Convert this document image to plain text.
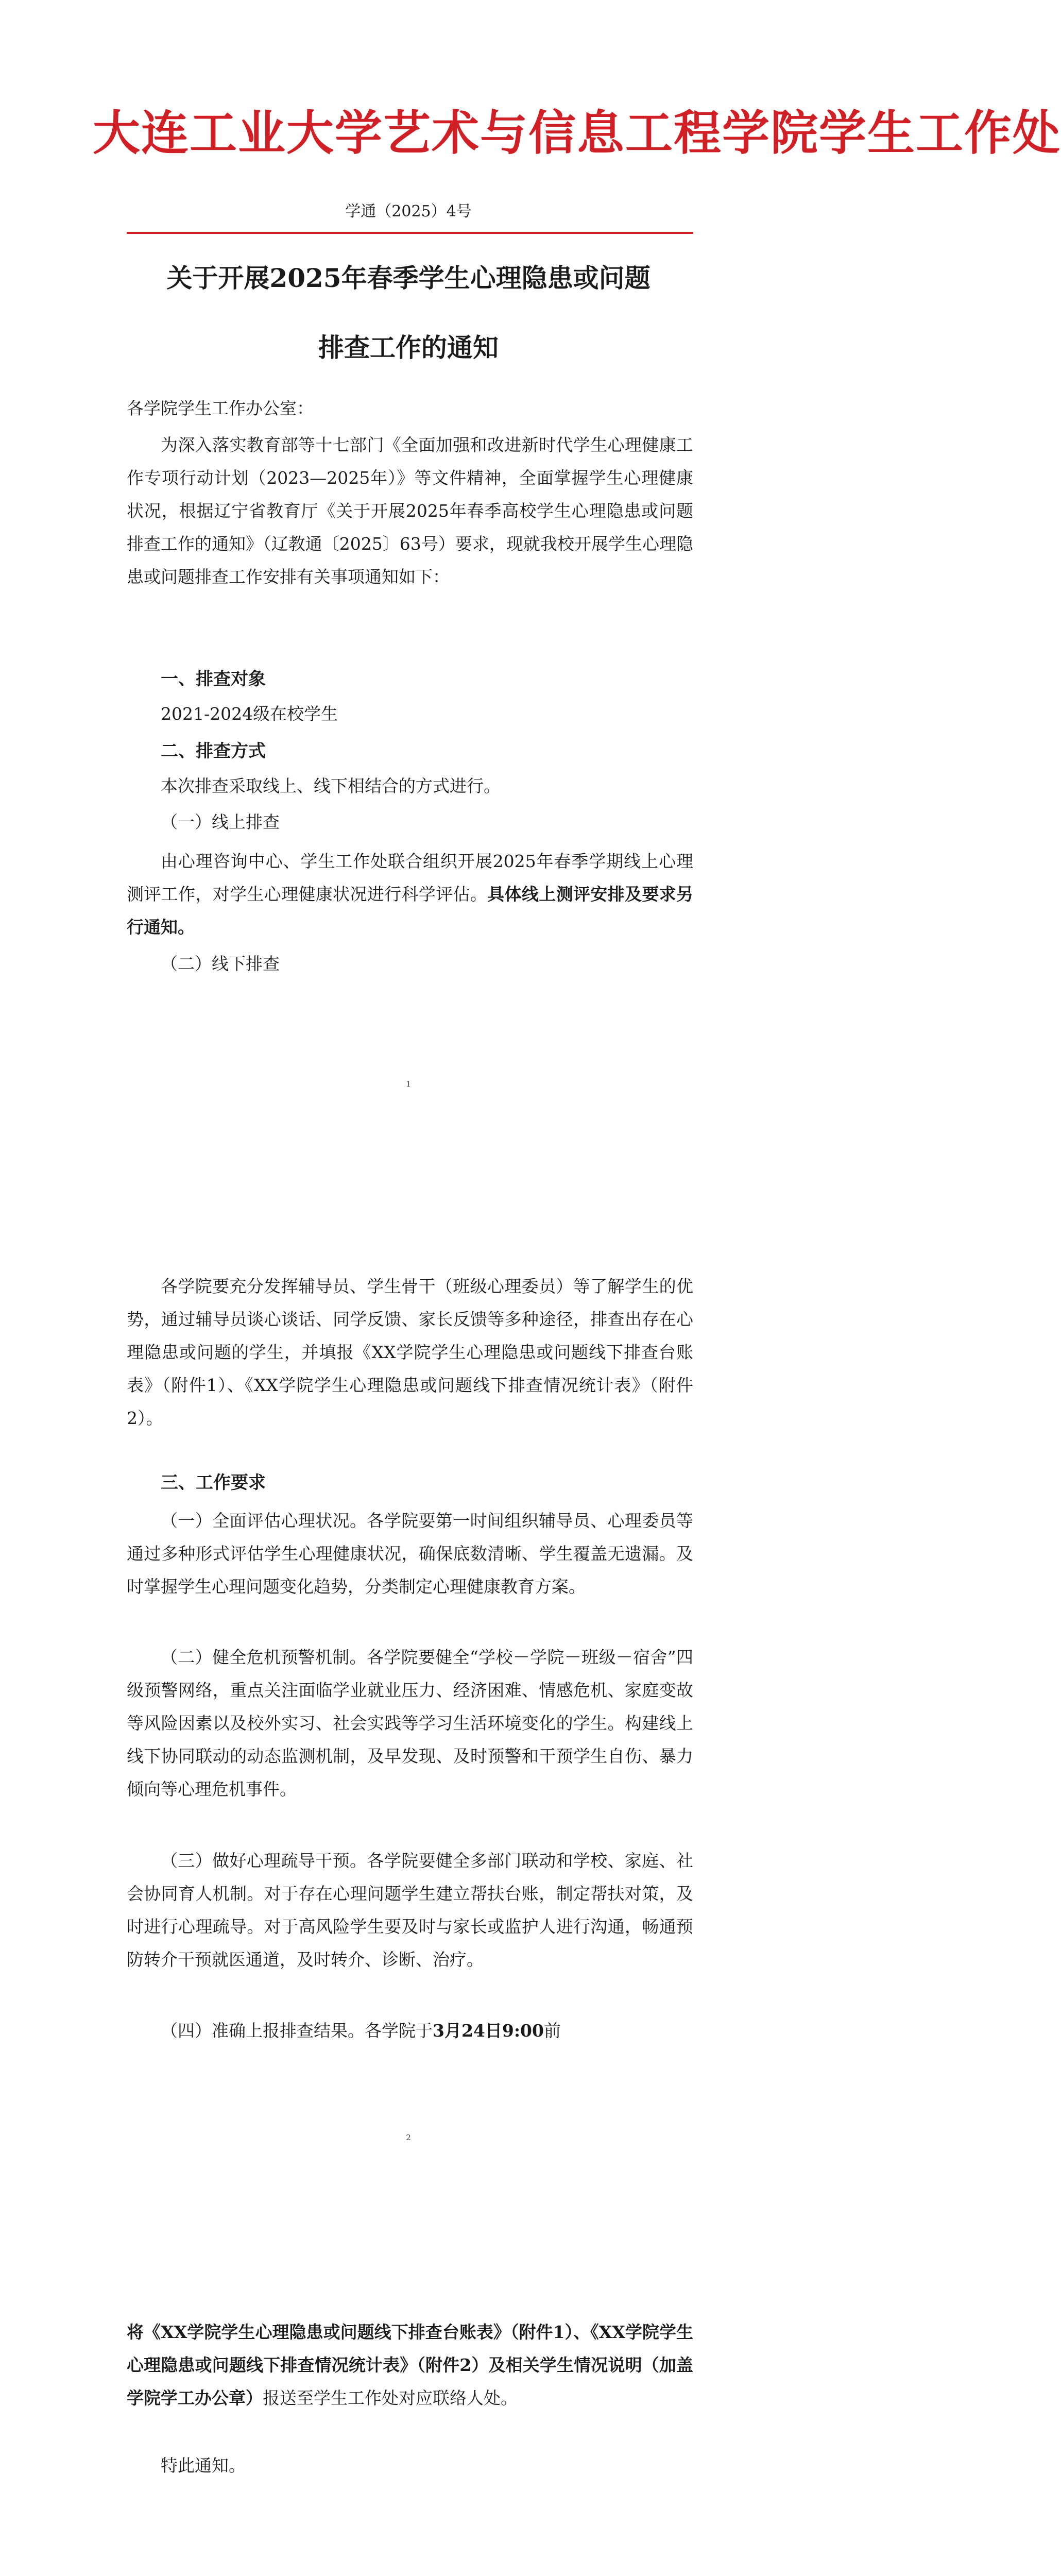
大连工业大学艺术与信息工程学院学生工作处
学通（2025）4号
关于开展2025年春季学生心理隐患或问题
排查工作的通知

各学院学生工作办公室：

为深入落实教育部等十七部门《全面加强和改进新时代学生心理健康工作专项行动计划（2023—2025年）》等文件精神，全面掌握学生心理健康状况，根据辽宁省教育厅《关于开展2025年春季高校学生心理隐患或问题排查工作的通知》（辽教通〔2025〕63号）要求，现就我校开展学生心理隐患或问题排查工作安排有关事项通知如下：

一、排查对象

2021-2024级在校学生

二、排查方式

本次排查采取线上、线下相结合的方式进行。

（一）线上排查

由心理咨询中心、学生工作处联合组织开展2025年春季学期线上心理测评工作，对学生心理健康状况进行科学评估。具体线上测评安排及要求另行通知。

（二）线下排查

1

各学院要充分发挥辅导员、学生骨干（班级心理委员）等了解学生的优势，通过辅导员谈心谈话、同学反馈、家长反馈等多种途径，排查出存在心理隐患或问题的学生，并填报《XX学院学生心理隐患或问题线下排查台账表》（附件1）、《XX学院学生心理隐患或问题线下排查情况统计表》（附件2）。

三、工作要求

（一）全面评估心理状况。各学院要第一时间组织辅导员、心理委员等通过多种形式评估学生心理健康状况，确保底数清晰、学生覆盖无遗漏。及时掌握学生心理问题变化趋势，分类制定心理健康教育方案。

（二）健全危机预警机制。各学院要健全“学校－学院－班级－宿舍”四级预警网络，重点关注面临学业就业压力、经济困难、情感危机、家庭变故等风险因素以及校外实习、社会实践等学习生活环境变化的学生。构建线上线下协同联动的动态监测机制，及早发现、及时预警和干预学生自伤、暴力倾向等心理危机事件。

（三）做好心理疏导干预。各学院要健全多部门联动和学校、家庭、社会协同育人机制。对于存在心理问题学生建立帮扶台账，制定帮扶对策，及时进行心理疏导。对于高风险学生要及时与家长或监护人进行沟通，畅通预防转介干预就医通道，及时转介、诊断、治疗。

（四）准确上报排查结果。各学院于3月24日9:00前

2

将《XX学院学生心理隐患或问题线下排查台账表》（附件1）、《XX学院学生心理隐患或问题线下排查情况统计表》（附件2）及相关学生情况说明（加盖学院学工办公章）报送至学生工作处对应联络人处。

特此通知。
